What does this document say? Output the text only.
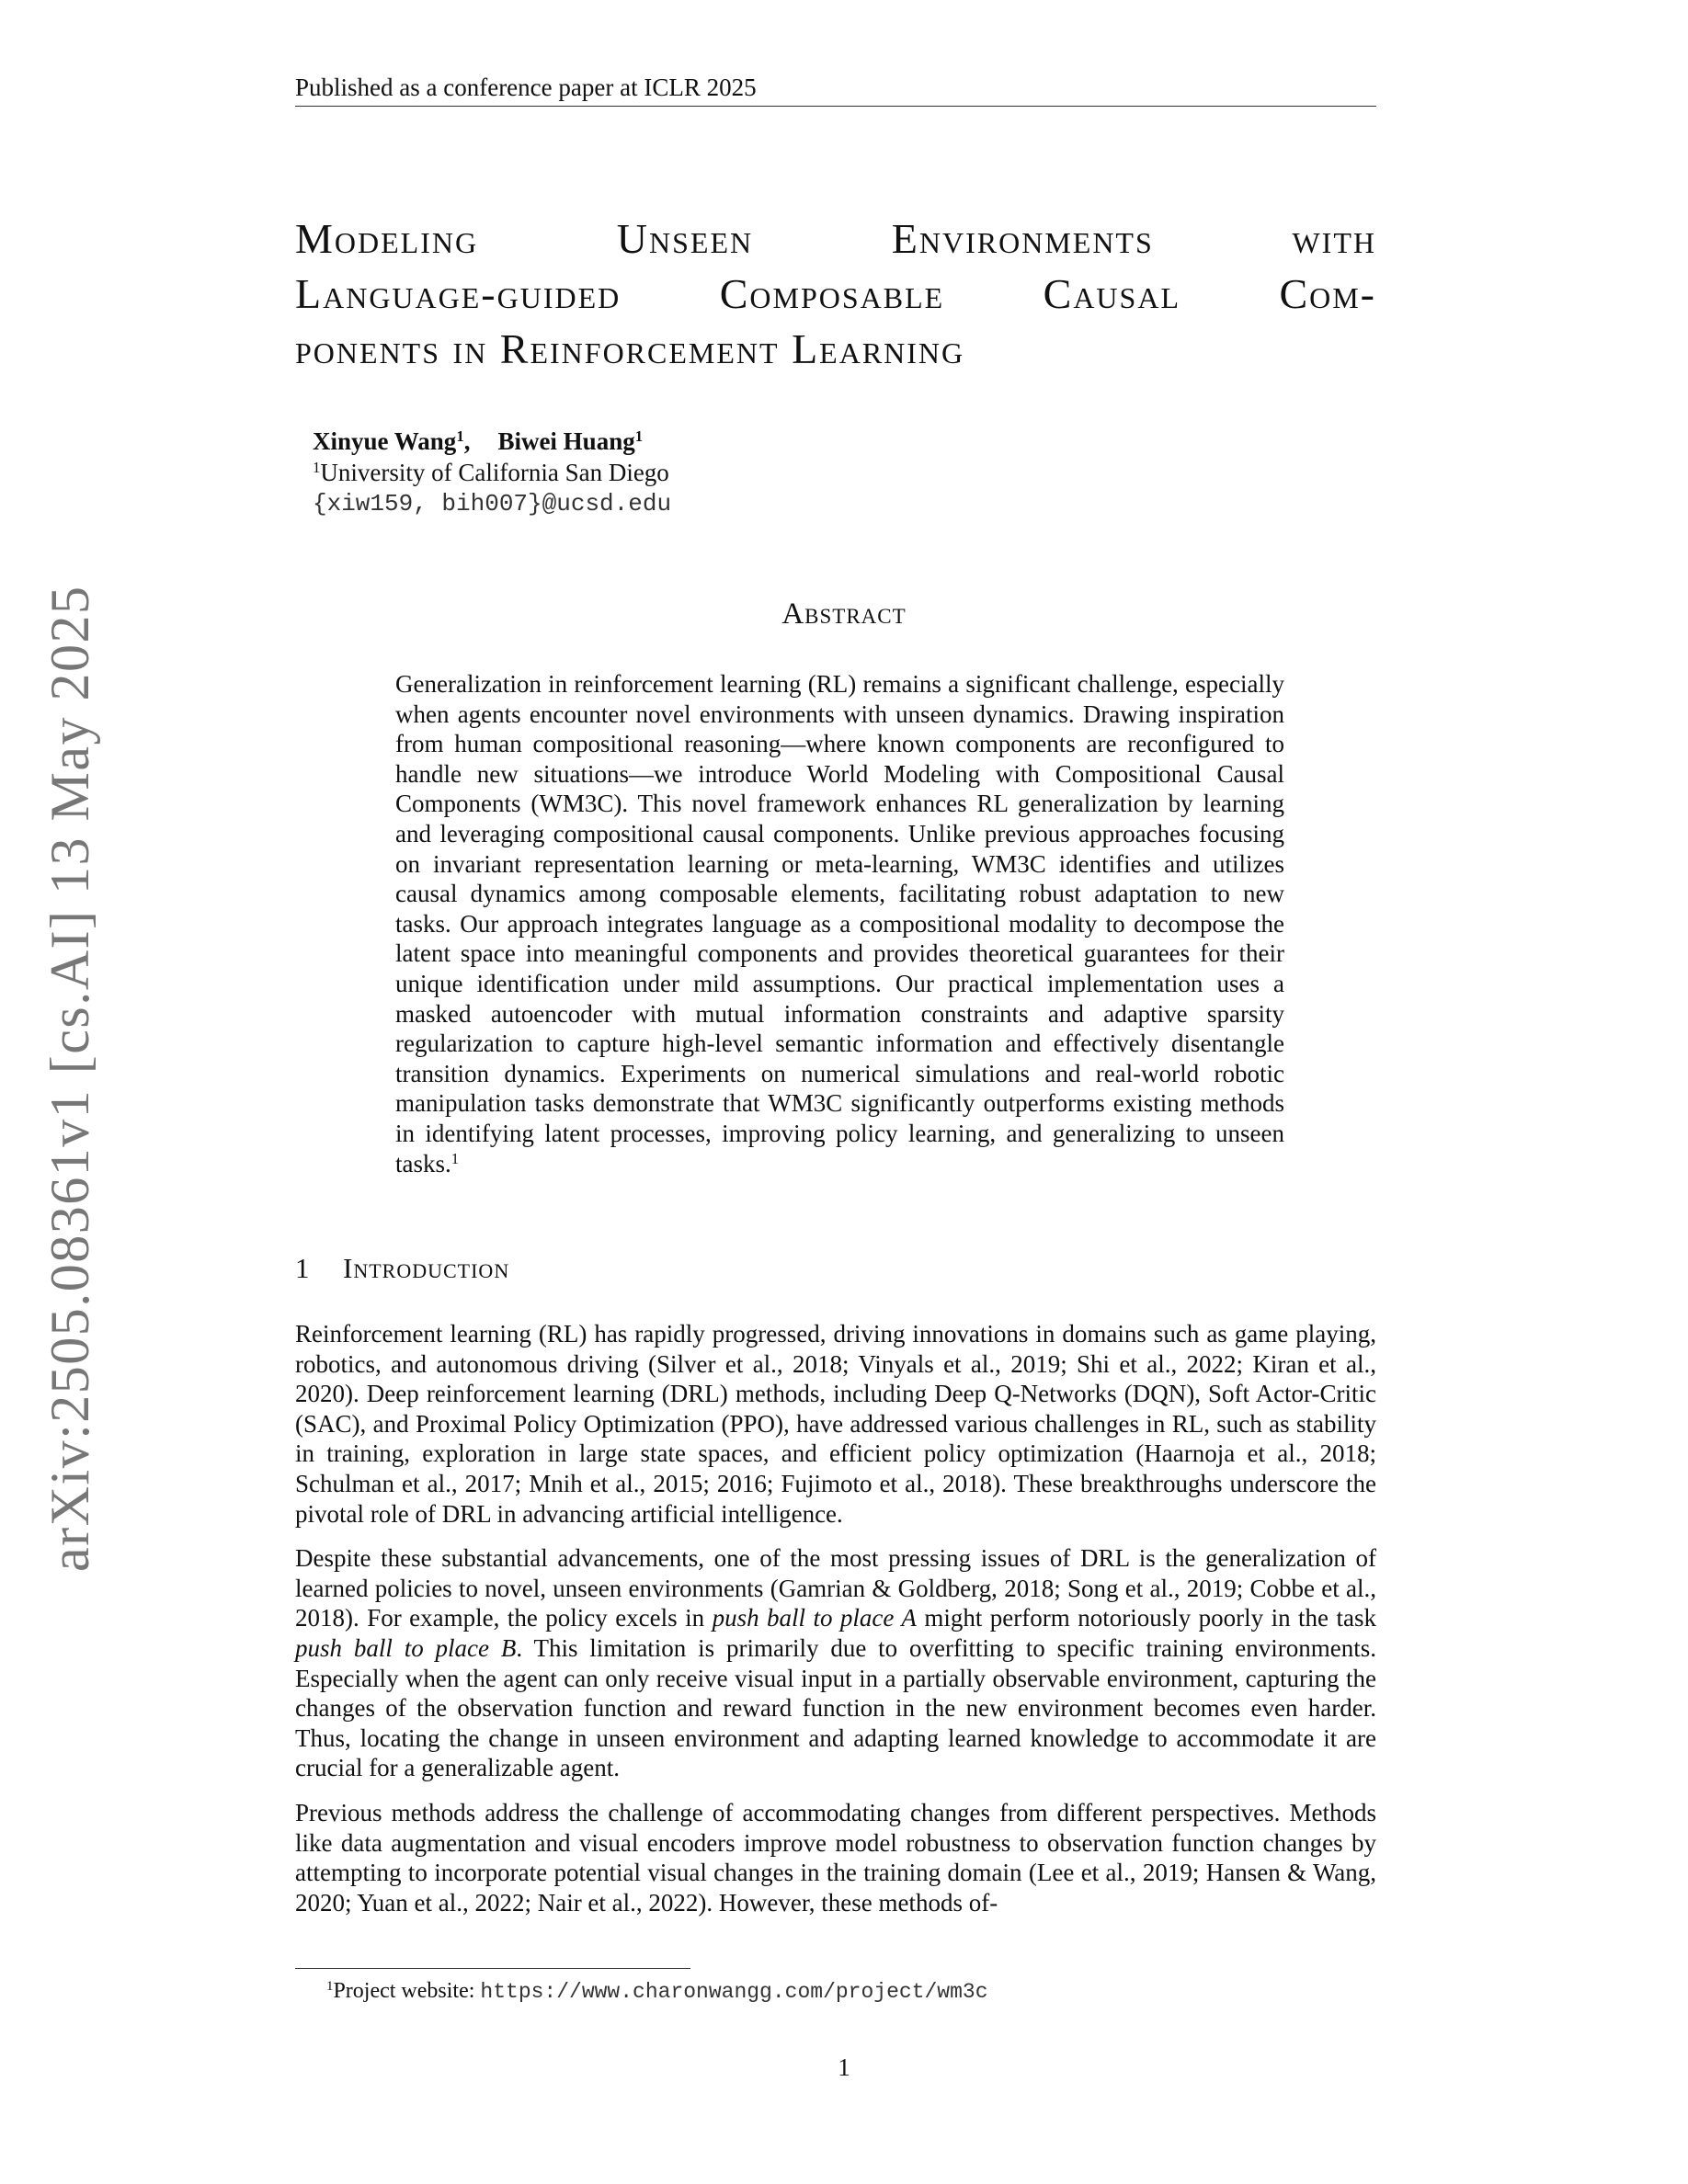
Published as a conference paper at ICLR 2025
arXiv:2505.08361v1 [cs.AI] 13 May 2025
Modeling	Unseen	Environments	with
Language-guided Composable Causal Com-
ponents in Reinforcement Learning
Xinyue Wang$^1$, Biwei Huang$^1$
$^1$University of California San Diego
{xiw159, bih007}@ucsd.edu
Abstract
Generalization in reinforcement learning (RL) remains a significant challenge, especially when agents encounter novel environments with unseen dynamics. Drawing inspiration from human compositional reasoning—where known components are reconfigured to handle new situations—we introduce World Modeling with Compositional Causal Components (WM3C). This novel framework enhances RL generalization by learning and leveraging compositional causal components. Unlike previous approaches focusing on invariant representation learning or meta-learning, WM3C identifies and utilizes causal dynamics among composable elements, facilitating robust adaptation to new tasks. Our approach integrates language as a compositional modality to decompose the latent space into meaningful components and provides theoretical guarantees for their unique identification under mild assumptions. Our practical implementation uses a masked autoencoder with mutual information constraints and adaptive sparsity regularization to capture high-level semantic information and effectively disentangle transition dynamics. Experiments on numerical simulations and real-world robotic manipulation tasks demonstrate that WM3C significantly outperforms existing methods in identifying latent processes, improving policy learning, and generalizing to unseen tasks.$^1$
1 Introduction

Reinforcement learning (RL) has rapidly progressed, driving innovations in domains such as game playing, robotics, and autonomous driving (Silver et al., 2018; Vinyals et al., 2019; Shi et al., 2022; Kiran et al., 2020). Deep reinforcement learning (DRL) methods, including Deep Q-Networks (DQN), Soft Actor-Critic (SAC), and Proximal Policy Optimization (PPO), have addressed various challenges in RL, such as stability in training, exploration in large state spaces, and efficient policy optimization (Haarnoja et al., 2018; Schulman et al., 2017; Mnih et al., 2015; 2016; Fujimoto et al., 2018). These breakthroughs underscore the pivotal role of DRL in advancing artificial intelligence.

Despite these substantial advancements, one of the most pressing issues of DRL is the generalization of learned policies to novel, unseen environments (Gamrian & Goldberg, 2018; Song et al., 2019; Cobbe et al., 2018). For example, the policy excels in push ball to place A might perform notoriously poorly in the task push ball to place B. This limitation is primarily due to overfitting to specific training environments. Especially when the agent can only receive visual input in a partially observable environment, capturing the changes of the observation function and reward function in the new environment becomes even harder. Thus, locating the change in unseen environment and adapting learned knowledge to accommodate it are crucial for a generalizable agent.

Previous methods address the challenge of accommodating changes from different perspectives. Methods like data augmentation and visual encoders improve model robustness to observation function changes by attempting to incorporate potential visual changes in the training domain (Lee et al., 2019; Hansen & Wang, 2020; Yuan et al., 2022; Nair et al., 2022). However, these methods of-

$^1$Project website: https://www.charonwangg.com/project/wm3c
1
